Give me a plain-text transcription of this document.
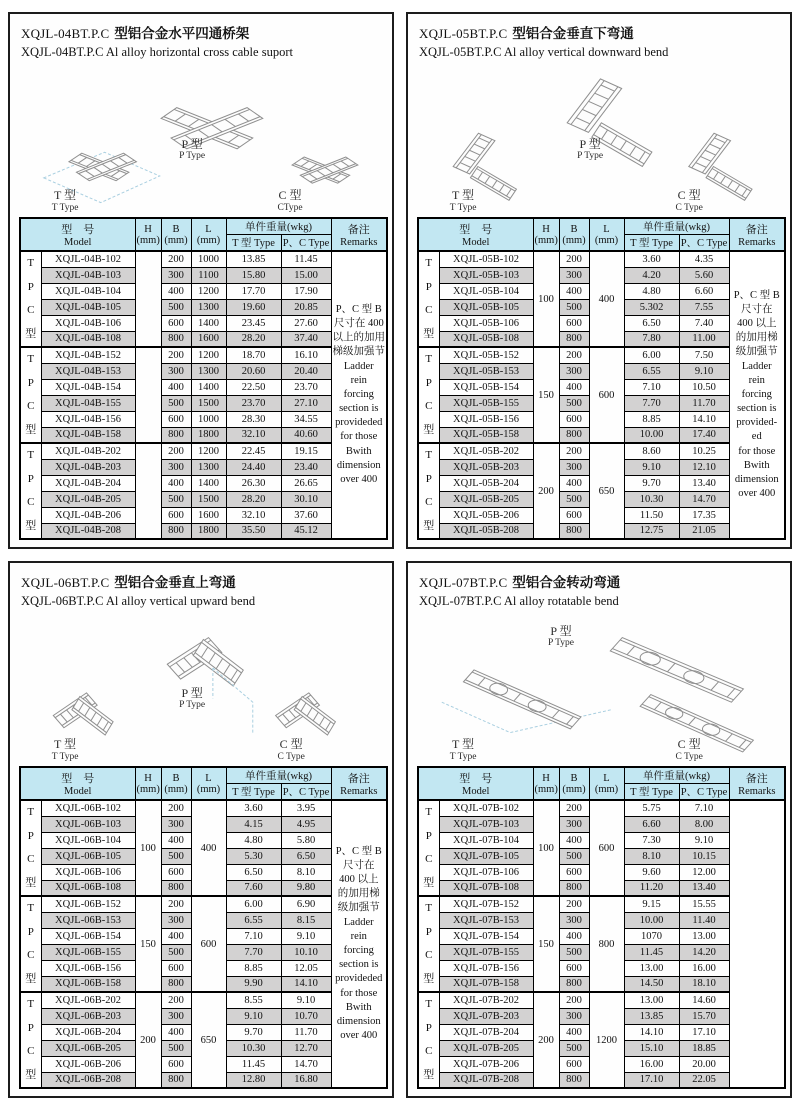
XQJL-04BT.P.C 型铝合金水平四通桥架
XQJL-04BT.P.C Al alloy horizontal cross cable suport
T 型
T Type
P 型
P Type
C 型
CType
型　号
Model

H
(mm)

B
(mm)

L
(mm)
	单件重量(wkg)	备注
Remarks

					T 型 Type	P、C Type	

T
P
C
型
	XQJL-04B-102		200	1000	13.85	11.45	
P、C 型 B
尺寸在 400
以上的加用
梯级加强节
Ladder
rein
forcing
section is
provideded
for those
Bwith
dimension
over 400

	XQJL-04B-103		300	1100	15.80	15.00	
	XQJL-04B-104		400	1200	17.70	17.90	
	XQJL-04B-105		500	1300	19.60	20.85	
	XQJL-04B-106		600	1400	23.45	27.60	
	XQJL-04B-108		800	1600	28.20	37.40	

T
P
C
型	XQJL-04B-152		200	1200	18.70	16.10	
	XQJL-04B-153		300	1300	20.60	20.40	
	XQJL-04B-154		400	1400	22.50	23.70	
	XQJL-04B-155		500	1500	23.70	27.10	
	XQJL-04B-156		600	1000	28.30	34.55	
	XQJL-04B-158		800	1800	32.10	40.60	

T
P
C
型	XQJL-04B-202		200	1200	22.45	19.15	
	XQJL-04B-203		300	1300	24.40	23.40	
	XQJL-04B-204		400	1400	26.30	26.65	
	XQJL-04B-205		500	1500	28.20	30.10	
	XQJL-04B-206		600	1600	32.10	37.60	
	XQJL-04B-208		800	1800	35.50	45.12	
XQJL-05BT.P.C 型铝合金垂直下弯通
XQJL-05BT.P.C Al alloy vertical downward bend
T 型
T Type
P 型
P Type
C 型
C Type
型　号
Model

H
(mm)

B
(mm)

L
(mm)
	单件重量(wkg)	备注
Remarks

					T 型 Type	P、C Type	

T
P
C
型
	XQJL-05B-102	100	200	400	3.60	4.35	
P、C 型 B
尺寸在
400 以上
的加用梯
级加强节
Ladder
rein
forcing
section is
provided-
ed
for those
Bwith
dimension
over 400

	XQJL-05B-103		300		4.20	5.60	
	XQJL-05B-104		400		4.80	6.60	
	XQJL-05B-105		500		5.302	7.55	
	XQJL-05B-106		600		6.50	7.40	
	XQJL-05B-108		800		7.80	11.00	

T
P
C
型	XQJL-05B-152	150	200	600	6.00	7.50	
	XQJL-05B-153		300		6.55	9.10	
	XQJL-05B-154		400		7.10	10.50	
	XQJL-05B-155		500		7.70	11.70	
	XQJL-05B-156		600		8.85	14.10	
	XQJL-05B-158		800		10.00	17.40	

T
P
C
型	XQJL-05B-202	200	200	650	8.60	10.25	
	XQJL-05B-203		300		9.10	12.10	
	XQJL-05B-204		400		9.70	13.40	
	XQJL-05B-205		500		10.30	14.70	
	XQJL-05B-206		600		11.50	17.35	
	XQJL-05B-208		800		12.75	21.05	
XQJL-06BT.P.C 型铝合金垂直上弯通
XQJL-06BT.P.C Al alloy vertical upward bend
T 型
T Type
P 型
P Type
C 型
C Type
型　号
Model

H
(mm)

B
(mm)

L
(mm)
	单件重量(wkg)	备注
Remarks

					T 型 Type	P、C Type	

T
P
C
型
	XQJL-06B-102	100	200	400	3.60	3.95	
P、C 型 B
尺寸在
400 以上
的加用梯
级加强节
Ladder
rein
forcing
section is
provideded
for those
Bwith
dimension
over 400

	XQJL-06B-103		300		4.15	4.95	
	XQJL-06B-104		400		4.80	5.80	
	XQJL-06B-105		500		5.30	6.50	
	XQJL-06B-106		600		6.50	8.10	
	XQJL-06B-108		800		7.60	9.80	

T
P
C
型	XQJL-06B-152	150	200	600	6.00	6.90	
	XQJL-06B-153		300		6.55	8.15	
	XQJL-06B-154		400		7.10	9.10	
	XQJL-06B-155		500		7.70	10.10	
	XQJL-06B-156		600		8.85	12.05	
	XQJL-06B-158		800		9.90	14.10	

T
P
C
型	XQJL-06B-202	200	200	650	8.55	9.10	
	XQJL-06B-203		300		9.10	10.70	
	XQJL-06B-204		400		9.70	11.70	
	XQJL-06B-205		500		10.30	12.70	
	XQJL-06B-206		600		11.45	14.70	
	XQJL-06B-208		800		12.80	16.80	
XQJL-07BT.P.C 型铝合金转动弯通
XQJL-07BT.P.C Al alloy rotatable bend
T 型
T Type
P 型
P Type
C 型
C Type
型　号
Model

H
(mm)

B
(mm)

L
(mm)
	单件重量(wkg)	备注
Remarks

					T 型 Type	P、C Type	

T
P
C
型	XQJL-07B-102	100	200	600	5.75	7.10	
	XQJL-07B-103		300		6.60	8.00	
	XQJL-07B-104		400		7.30	9.10	
	XQJL-07B-105		500		8.10	10.15	
	XQJL-07B-106		600		9.60	12.00	
	XQJL-07B-108		800		11.20	13.40	

T
P
C
型	XQJL-07B-152	150	200	800	9.15	15.55	
	XQJL-07B-153		300		10.00	11.40	
	XQJL-07B-154		400		1070	13.00	
	XQJL-07B-155		500		11.45	14.20	
	XQJL-07B-156		600		13.00	16.00	
	XQJL-07B-158		800		14.50	18.10	

T
P
C
型	XQJL-07B-202	200	200	1200	13.00	14.60	
	XQJL-07B-203		300		13.85	15.70	
	XQJL-07B-204		400		14.10	17.10	
	XQJL-07B-205		500		15.10	18.85	
	XQJL-07B-206		600		16.00	20.00	
	XQJL-07B-208		800		17.10	22.05	
